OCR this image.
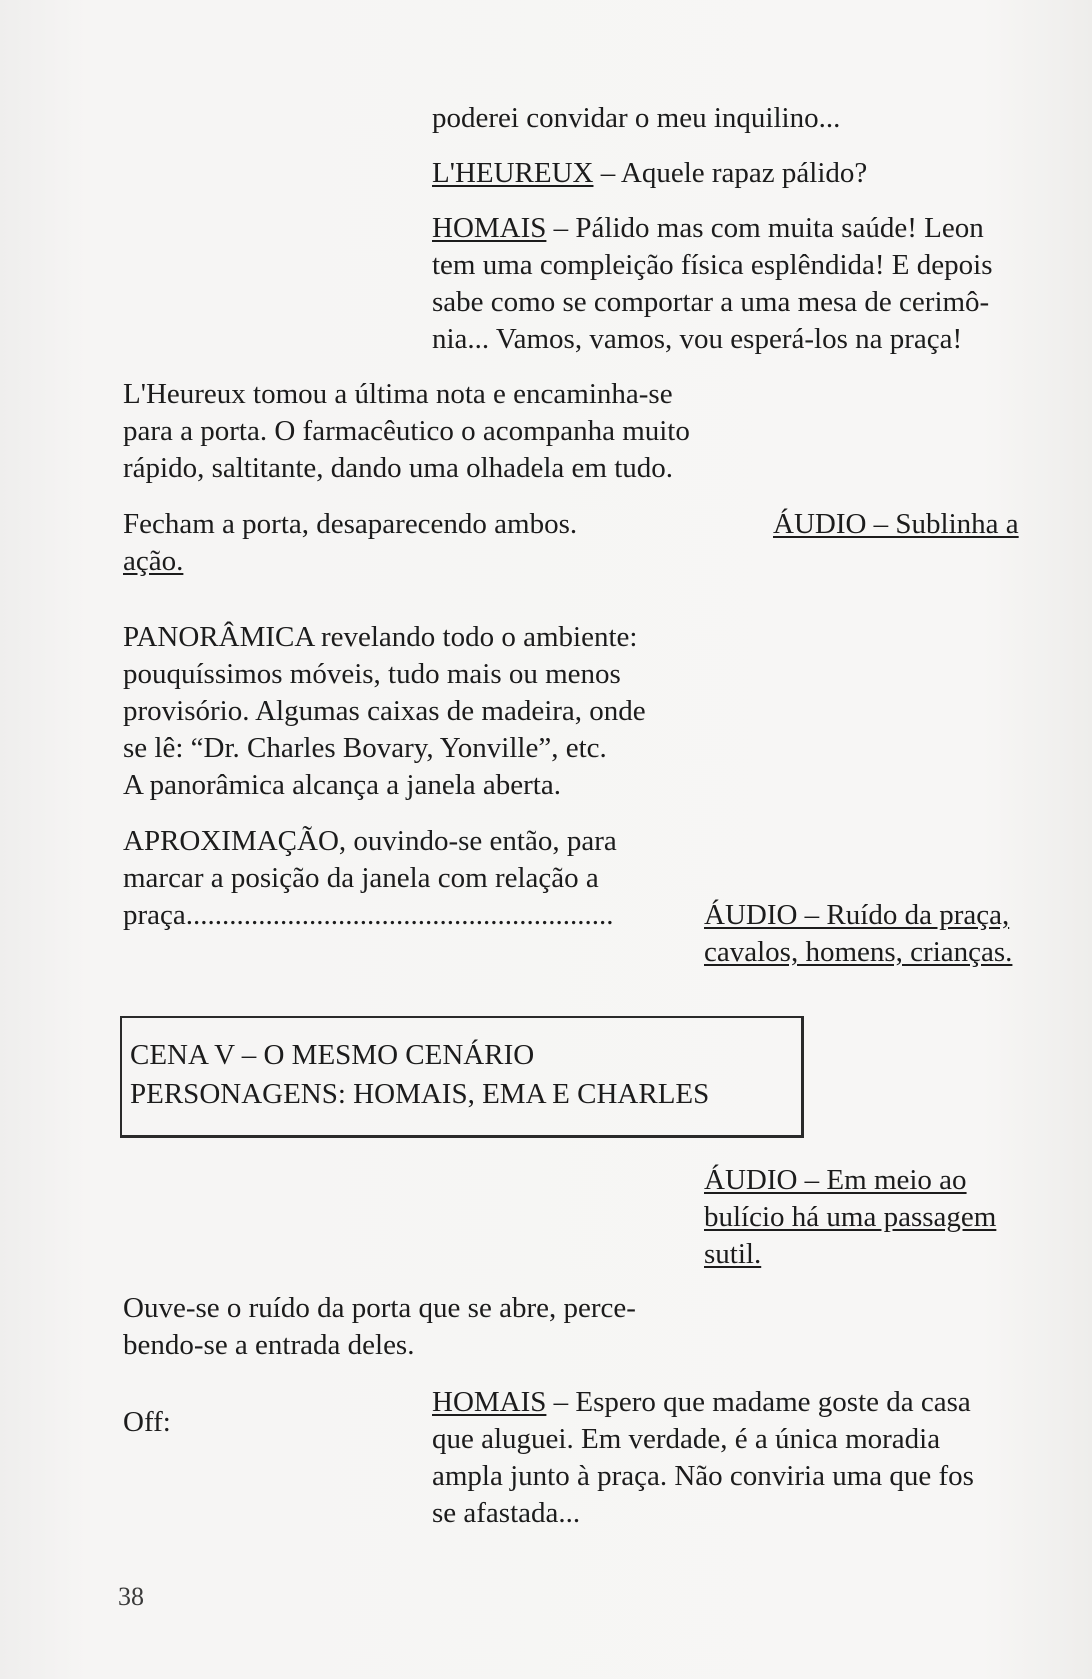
poderei convidar o meu inquilino...
L'HEUREUX – Aquele rapaz pálido?
HOMAIS – Pálido mas com muita saúde! Leon
tem uma compleição física esplêndida! E depois
sabe como se comportar a uma mesa de cerimô-
nia... Vamos, vamos, vou esperá-los na praça!
L'Heureux tomou a última nota e encaminha-se
para a porta. O farmacêutico o acompanha muito
rápido, saltitante, dando uma olhadela em tudo.
Fecham a porta, desaparecendo ambos.	ÁUDIO – Sublinha a
ação.
PANORÂMICA revelando todo o ambiente:
pouquíssimos móveis, tudo mais ou menos
provisório. Algumas caixas de madeira, onde
se lê: “Dr. Charles Bovary, Yonville”, etc.
A panorâmica alcança a janela aberta.
APROXIMAÇÃO, ouvindo-se então, para
marcar a posição da janela com relação a
praça...........................................................	ÁUDIO – Ruído da praça,
cavalos, homens, crianças.
CENA V – O MESMO CENÁRIO
PERSONAGENS: HOMAIS, EMA E CHARLES
ÁUDIO – Em meio ao
bulício há uma passagem
sutil.
Ouve-se o ruído da porta que se abre, perce-
bendo-se a entrada deles.
Off:
HOMAIS – Espero que madame goste da casa
que aluguei. Em verdade, é a única moradia
ampla junto à praça. Não conviria uma que fos
se afastada...
38
